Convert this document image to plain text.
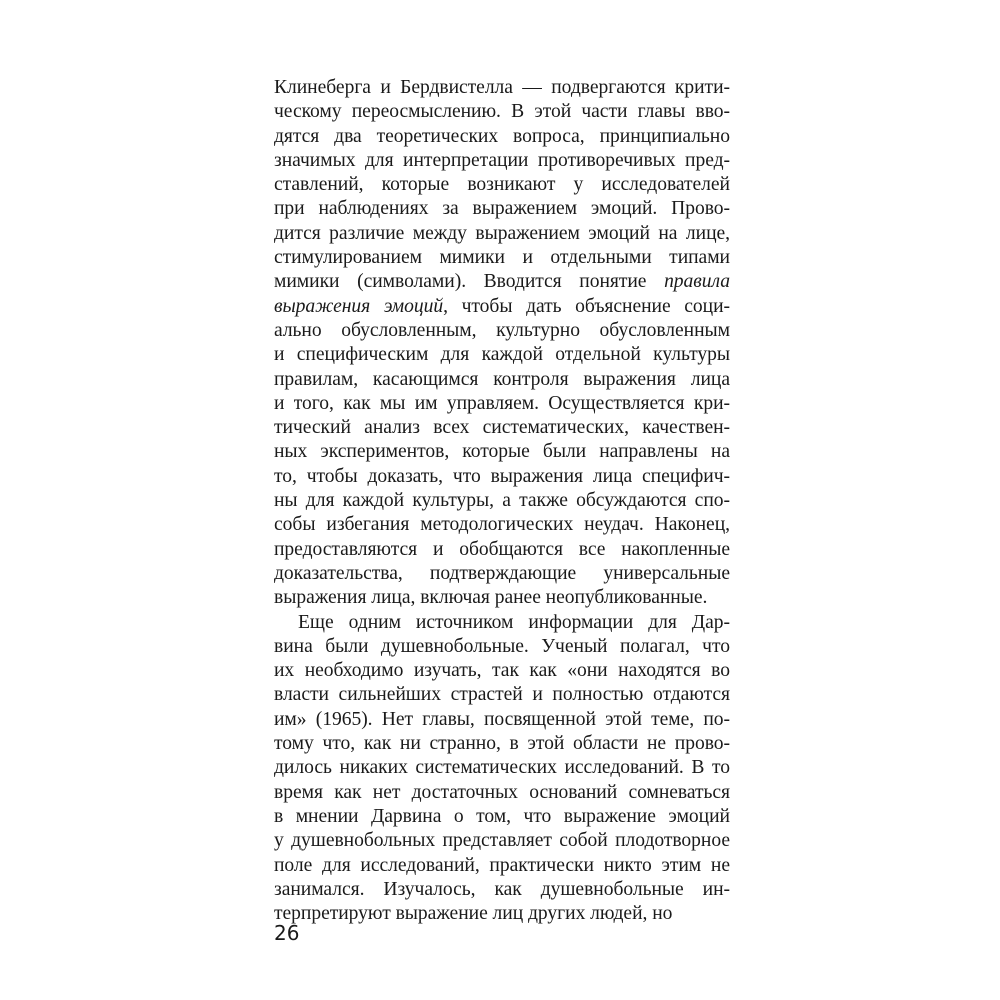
Клинеберга и Бердвистелла — подвергаются крити-
ческому переосмыслению. В этой части главы вво-
дятся два теоретических вопроса, принципиально
значимых для интерпретации противоречивых пред-
ставлений, которые возникают у исследователей
при наблюдениях за выражением эмоций. Прово-
дится различие между выражением эмоций на лице,
стимулированием мимики и отдельными типами
мимики (символами). Вводится понятие правила
выражения эмоций, чтобы дать объяснение соци-
ально обусловленным, культурно обусловленным
и специфическим для каждой отдельной культуры
правилам, касающимся контроля выражения лица
и того, как мы им управляем. Осуществляется кри-
тический анализ всех систематических, качествен-
ных экспериментов, которые были направлены на
то, чтобы доказать, что выражения лица специфич-
ны для каждой культуры, а также обсуждаются спо-
собы избегания методологических неудач. Наконец,
предоставляются и обобщаются все накопленные
доказательства, подтверждающие универсальные
выражения лица, включая ранее неопубликованные.
Еще одним источником информации для Дар-
вина были душевнобольные. Ученый полагал, что
их необходимо изучать, так как «они находятся во
власти сильнейших страстей и полностью отдаются
им» (1965). Нет главы, посвященной этой теме, по-
тому что, как ни странно, в этой области не прово-
дилось никаких систематических исследований. В то
время как нет достаточных оснований сомневаться
в мнении Дарвина о том, что выражение эмоций
у душевнобольных представляет собой плодотворное
поле для исследований, практически никто этим не
занимался. Изучалось, как душевнобольные ин-
терпретируют выражение лиц других людей, но
26
